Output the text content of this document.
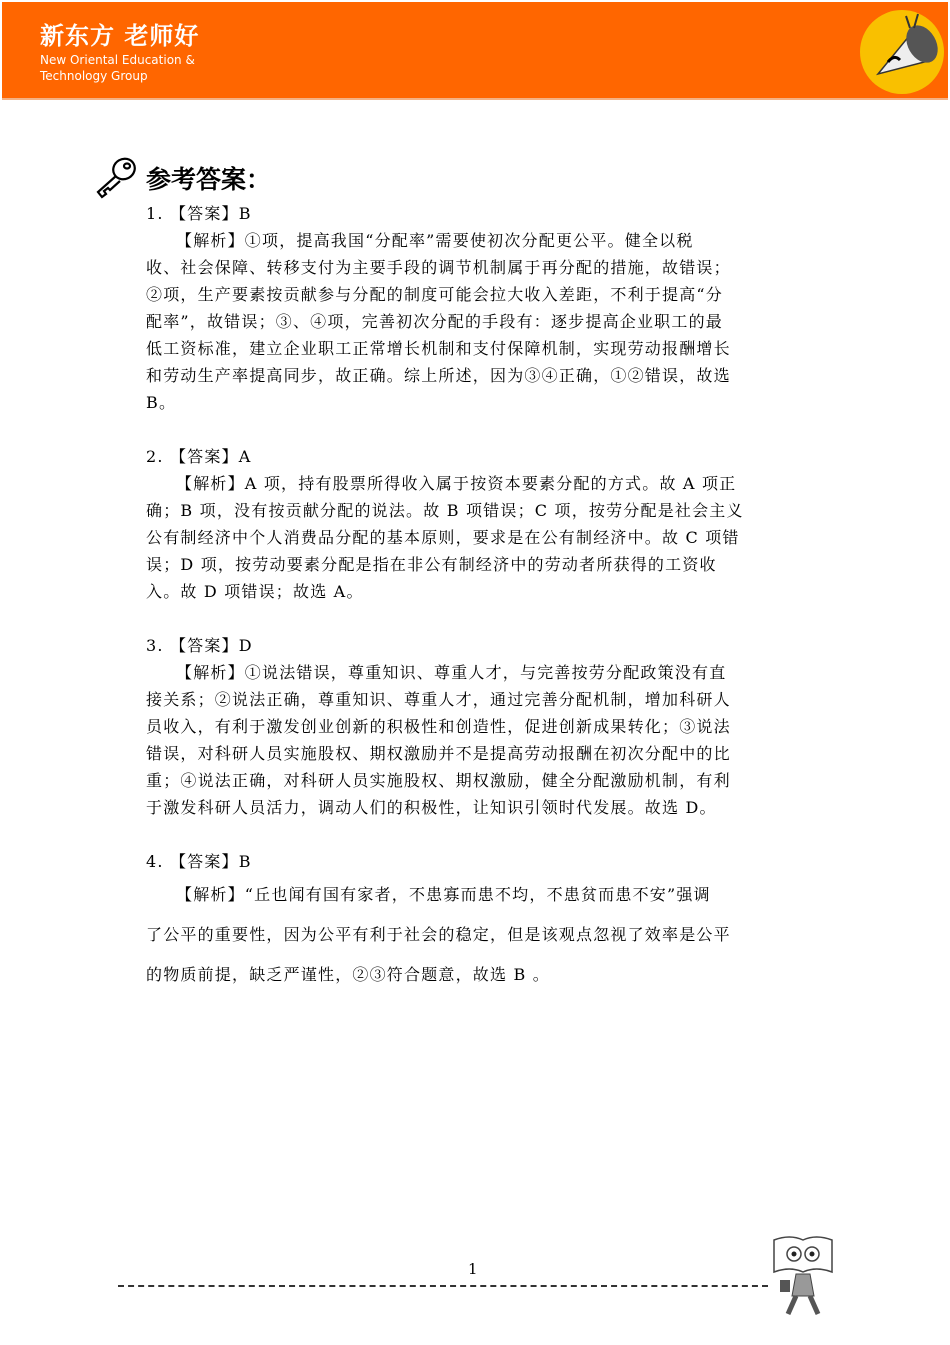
新东方 老师好
New Oriental Education &
Technology Group
参考答案：
1. 【答案】B
【解析】①项，提高我国“分配率”需要使初次分配更公平。健全以税
收、社会保障、转移支付为主要手段的调节机制属于再分配的措施，故错误；
②项，生产要素按贡献参与分配的制度可能会拉大收入差距，不利于提高“分
配率”，故错误；③、④项，完善初次分配的手段有：逐步提高企业职工的最
低工资标准，建立企业职工正常增长机制和支付保障机制，实现劳动报酬增长
和劳动生产率提高同步，故正确。综上所述，因为③④正确，①②错误，故选
B。
2. 【答案】A
【解析】A 项，持有股票所得收入属于按资本要素分配的方式。故 A 项正
确；B 项，没有按贡献分配的说法。故 B 项错误；C 项，按劳分配是社会主义
公有制经济中个人消费品分配的基本原则，要求是在公有制经济中。故 C 项错
误；D 项，按劳动要素分配是指在非公有制经济中的劳动者所获得的工资收
入。故 D 项错误；故选 A。
3. 【答案】D
【解析】①说法错误，尊重知识、尊重人才，与完善按劳分配政策没有直
接关系；②说法正确，尊重知识、尊重人才，通过完善分配机制，增加科研人
员收入，有利于激发创业创新的积极性和创造性，促进创新成果转化；③说法
错误，对科研人员实施股权、期权激励并不是提高劳动报酬在初次分配中的比
重；④说法正确，对科研人员实施股权、期权激励，健全分配激励机制，有利
于激发科研人员活力，调动人们的积极性，让知识引领时代发展。故选 D。
4. 【答案】B
【解析】“丘也闻有国有家者，不患寡而患不均，不患贫而患不安”强调
了公平的重要性，因为公平有利于社会的稳定，但是该观点忽视了效率是公平
的物质前提，缺乏严谨性，②③符合题意，故选 B 。
1
